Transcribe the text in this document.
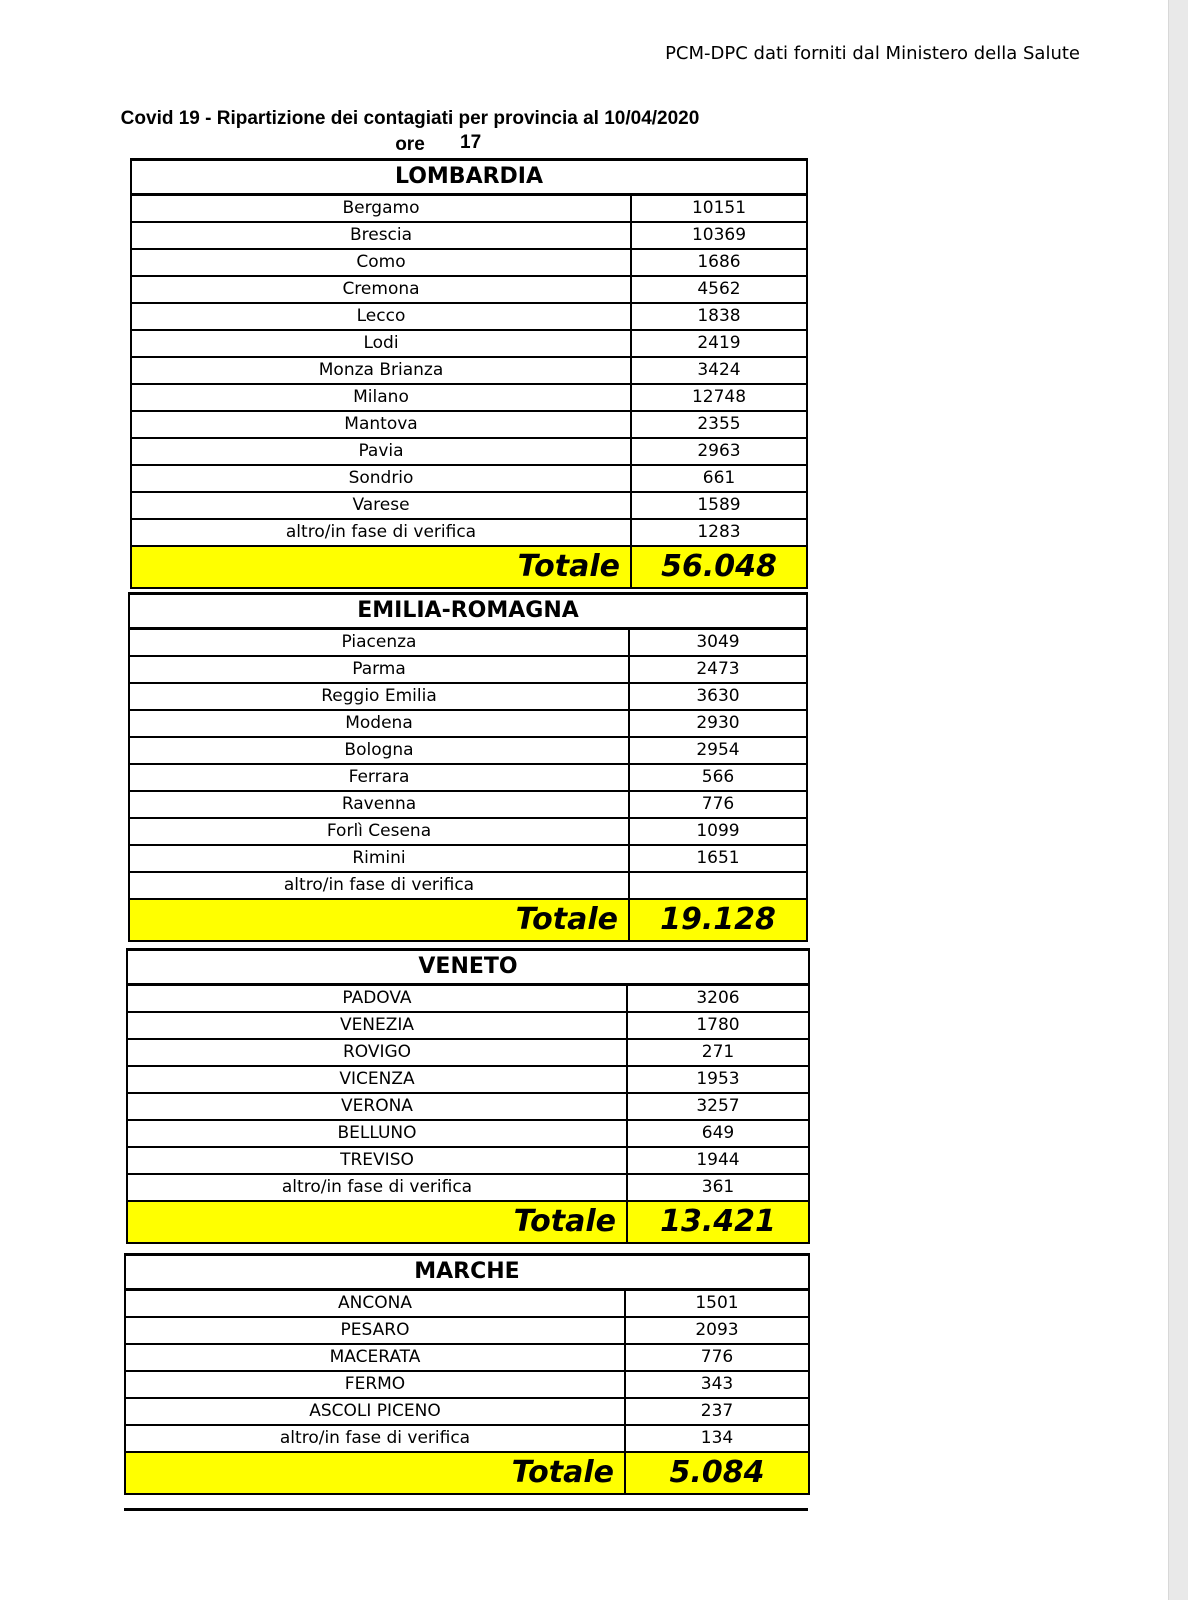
PCM-DPC dati forniti dal Ministero della Salute
Covid 19 - Ripartizione dei contagiati per provincia al 10/04/2020 ore	17
LOMBARDIA
Bergamo	10151
Brescia	10369
Como	1686
Cremona	4562
Lecco	1838
Lodi	2419
Monza Brianza	3424
Milano	12748
Mantova	2355
Pavia	2963
Sondrio	661
Varese	1589
altro/in fase di verifica	1283
Totale	56.048
EMILIA-ROMAGNA
Piacenza	3049
Parma	2473
Reggio Emilia	3630
Modena	2930
Bologna	2954
Ferrara	566
Ravenna	776
Forlì Cesena	1099
Rimini	1651
altro/in fase di verifica
Totale	19.128
VENETO
PADOVA	3206
VENEZIA	1780
ROVIGO	271
VICENZA	1953
VERONA	3257
BELLUNO	649
TREVISO	1944
altro/in fase di verifica	361
Totale	13.421
MARCHE
ANCONA	1501
PESARO	2093
MACERATA	776
FERMO	343
ASCOLI PICENO	237
altro/in fase di verifica	134
Totale	5.084
